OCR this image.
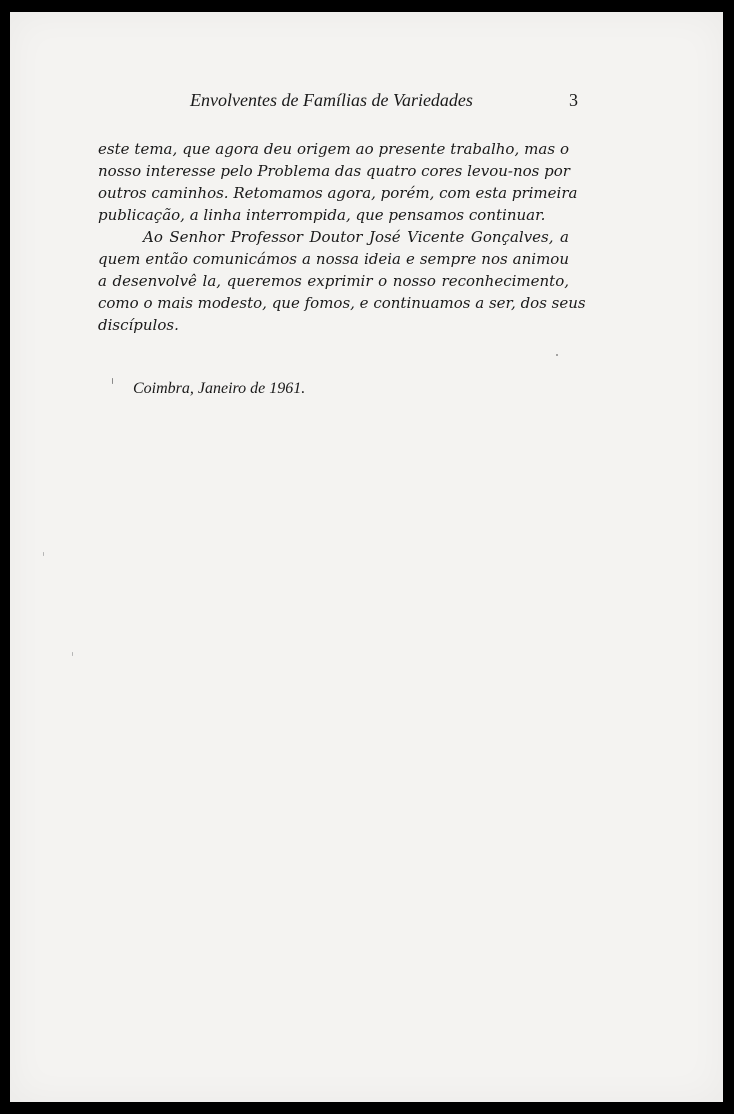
Envolventes de Famílias de Variedades	3

este tema, que agora deu origem ao presente trabalho, mas o
nosso interesse pelo Problema das quatro cores levou-nos por
outros caminhos. Retomamos agora, porém, com esta primeira
publicação, a linha interrompida, que pensamos continuar.

Ao Senhor Professor Doutor José Vicente Gonçalves, a
quem então comunicámos a nossa ideia e sempre nos animou
a desenvolvê la, queremos exprimir o nosso reconhecimento,
como o mais modesto, que fomos, e continuamos a ser, dos seus
discípulos.

Coimbra, Janeiro de 1961.
